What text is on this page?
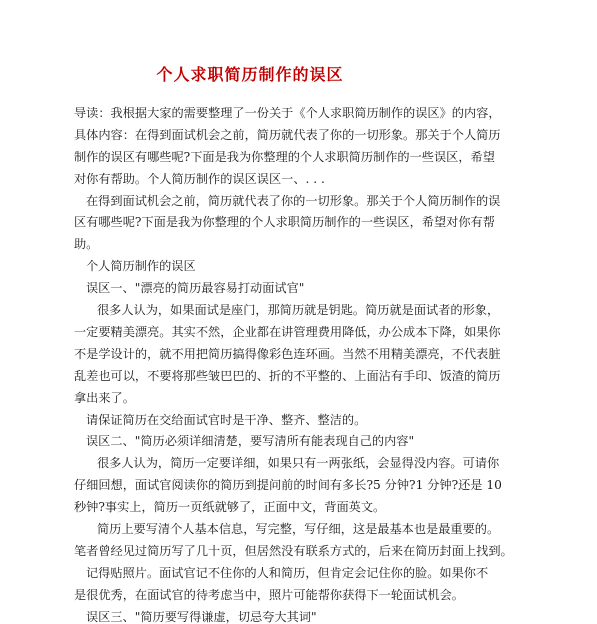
个人求职简历制作的误区
导读：我根据大家的需要整理了一份关于《个人求职简历制作的误区》的内容，
具体内容：在得到面试机会之前，简历就代表了你的一切形象。那关于个人简历
制作的误区有哪些呢?下面是我为你整理的个人求职简历制作的一些误区，希望
对你有帮助。个人简历制作的误区误区一、. . .
在得到面试机会之前，简历就代表了你的一切形象。那关于个人简历制作的误
区有哪些呢?下面是我为你整理的个人求职简历制作的一些误区，希望对你有帮
助。
个人简历制作的误区
误区一、"漂亮的简历最容易打动面试官"
很多人认为，如果面试是座门，那简历就是钥匙。简历就是面试者的形象，
一定要精美漂亮。其实不然，企业都在讲管理费用降低，办公成本下降，如果你
不是学设计的，就不用把简历搞得像彩色连环画。当然不用精美漂亮，不代表脏
乱差也可以，不要将那些皱巴巴的、折的不平整的、上面沾有手印、饭渣的简历
拿出来了。
请保证简历在交给面试官时是干净、整齐、整洁的。
误区二、"简历必须详细清楚，要写清所有能表现自己的内容"
很多人认为，简历一定要详细，如果只有一两张纸，会显得没内容。可请你
仔细回想，面试官阅读你的简历到提问前的时间有多长?5 分钟?1 分钟?还是 10
秒钟?事实上，简历一页纸就够了，正面中文，背面英文。
简历上要写清个人基本信息，写完整，写仔细，这是最基本也是最重要的。
笔者曾经见过简历写了几十页，但居然没有联系方式的，后来在简历封面上找到。
记得贴照片。面试官记不住你的人和简历，但肯定会记住你的脸。如果你不
是很优秀，在面试官的待考虑当中，照片可能帮你获得下一轮面试机会。
误区三、"简历要写得谦虚，切忌夸大其词"
